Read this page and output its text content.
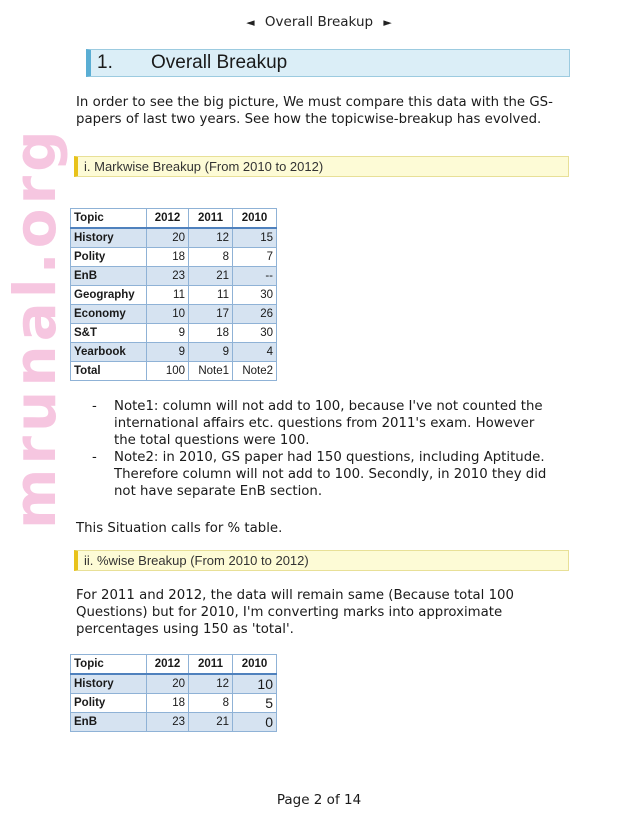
◄ Overall Breakup ►
mrunal.org
1. Overall Breakup
In order to see the big picture, We must compare this data with the GS-papers of last two years. See how the topicwise-breakup has evolved.
i. Markwise Breakup (From 2010 to 2012)
Topic	2012	2011	2010
History	20	12	15
Polity	18	8	7
EnB	23	21	--
Geography	11	11	30
Economy	10	17	26
S&T	9	18	30
Yearbook	9	9	4
Total	100	Note1	Note2
- Note1: column will not add to 100, because I've not counted the international affairs etc. questions from 2011's exam. However the total questions were 100.
- Note2: in 2010, GS paper had 150 questions, including Aptitude. Therefore column will not add to 100. Secondly, in 2010 they did not have separate EnB section.
This Situation calls for % table.
ii. %wise Breakup (From 2010 to 2012)
For 2011 and 2012, the data will remain same (Because total 100 Questions) but for 2010, I'm converting marks into approximate percentages using 150 as 'total'.
Topic	2012	2011	2010
History	20	12	10
Polity	18	8	5
EnB	23	21	0
Page 2 of 14
